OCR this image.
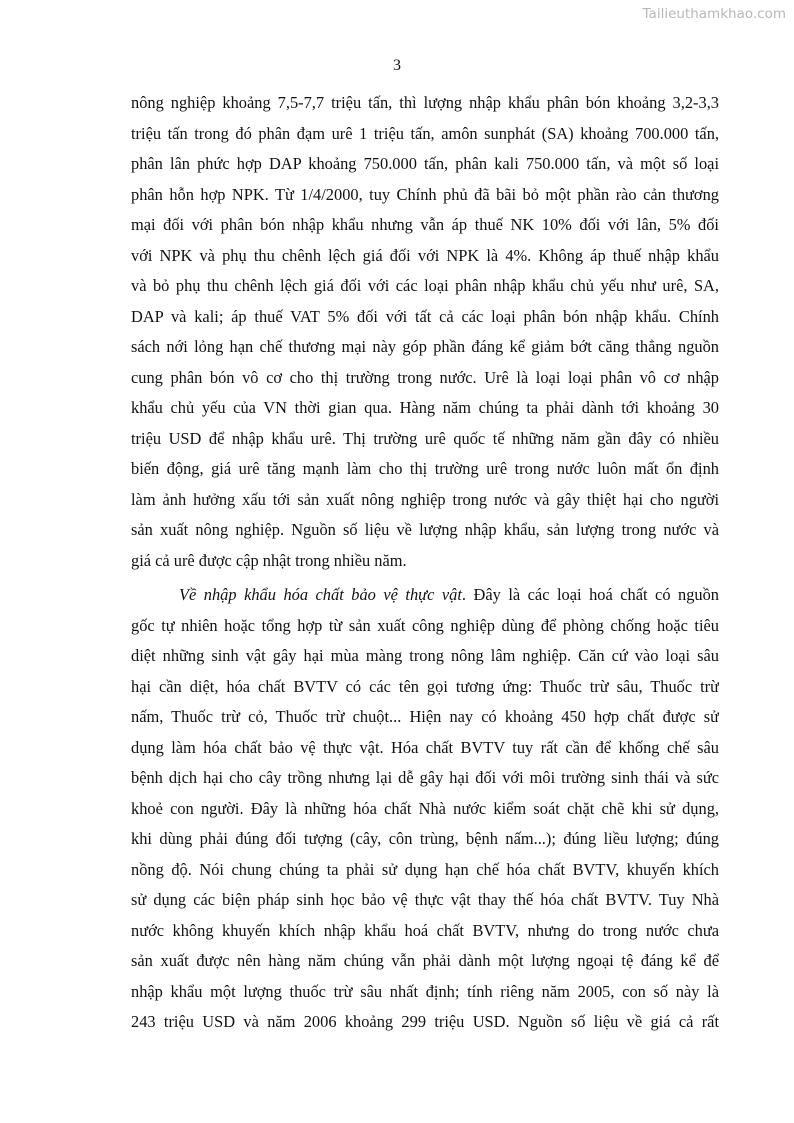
Tailieuthamkhao.com
3
nông nghiệp khoảng 7,5-7,7 triệu tấn, thì lượng nhập khẩu phân bón khoảng 3,2-3,3
triệu tấn trong đó phân đạm urê 1 triệu tấn, amôn sunphát (SA) khoảng 700.000 tấn,
phân lân phức hợp DAP khoảng 750.000 tấn, phân kali 750.000 tấn, và một số loại
phân hỗn hợp NPK. Từ 1/4/2000, tuy Chính phủ đã bãi bỏ một phần rào cản thương
mại đối với phân bón nhập khẩu nhưng vẫn áp thuế NK 10% đối với lân, 5% đối
với NPK và phụ thu chênh lệch giá đối với NPK là 4%. Không áp thuế nhập khẩu
và bỏ phụ thu chênh lệch giá đối với các loại phân nhập khẩu chủ yếu như urê, SA,
DAP và kali; áp thuế VAT 5% đối với tất cả các loại phân bón nhập khẩu. Chính
sách nới lỏng hạn chế thương mại này góp phần đáng kể giảm bớt căng thẳng nguồn
cung phân bón vô cơ cho thị trường trong nước. Urê là loại loại phân vô cơ nhập
khẩu chủ yếu của VN thời gian qua. Hàng năm chúng ta phải dành tới khoảng 30
triệu USD để nhập khẩu urê. Thị trường urê quốc tế những năm gần đây có nhiều
biến động, giá urê tăng mạnh làm cho thị trường urê trong nước luôn mất ổn định
làm ảnh hưởng xấu tới sản xuất nông nghiệp trong nước và gây thiệt hại cho người
sản xuất nông nghiệp. Nguồn số liệu về lượng nhập khẩu, sản lượng trong nước và
giá cả urê được cập nhật trong nhiều năm.
Về nhập khẩu hóa chất bảo vệ thực vật. Đây là các loại hoá chất có nguồn
gốc tự nhiên hoặc tổng hợp từ sản xuất công nghiệp dùng để phòng chống hoặc tiêu
diệt những sinh vật gây hại mùa màng trong nông lâm nghiệp. Căn cứ vào loại sâu
hại cần diệt, hóa chất BVTV có các tên gọi tương ứng: Thuốc trừ sâu, Thuốc trừ
nấm, Thuốc trừ cỏ, Thuốc trừ chuột... Hiện nay có khoảng 450 hợp chất được sử
dụng làm hóa chất bảo vệ thực vật. Hóa chất BVTV tuy rất cần để khống chế sâu
bệnh dịch hại cho cây trồng nhưng lại dễ gây hại đối với môi trường sinh thái và sức
khoẻ con người. Đây là những hóa chất Nhà nước kiểm soát chặt chẽ khi sử dụng,
khi dùng phải đúng đối tượng (cây, côn trùng, bệnh nấm...); đúng liều lượng; đúng
nồng độ. Nói chung chúng ta phải sử dụng hạn chế hóa chất BVTV, khuyến khích
sử dụng các biện pháp sinh học bảo vệ thực vật thay thế hóa chất BVTV. Tuy Nhà
nước không khuyến khích nhập khẩu hoá chất BVTV, nhưng do trong nước chưa
sản xuất được nên hàng năm chúng vẫn phải dành một lượng ngoại tệ đáng kể để
nhập khẩu một lượng thuốc trừ sâu nhất định; tính riêng năm 2005, con số này là
243 triệu USD và năm 2006 khoảng 299 triệu USD. Nguồn số liệu về giá cả rất
